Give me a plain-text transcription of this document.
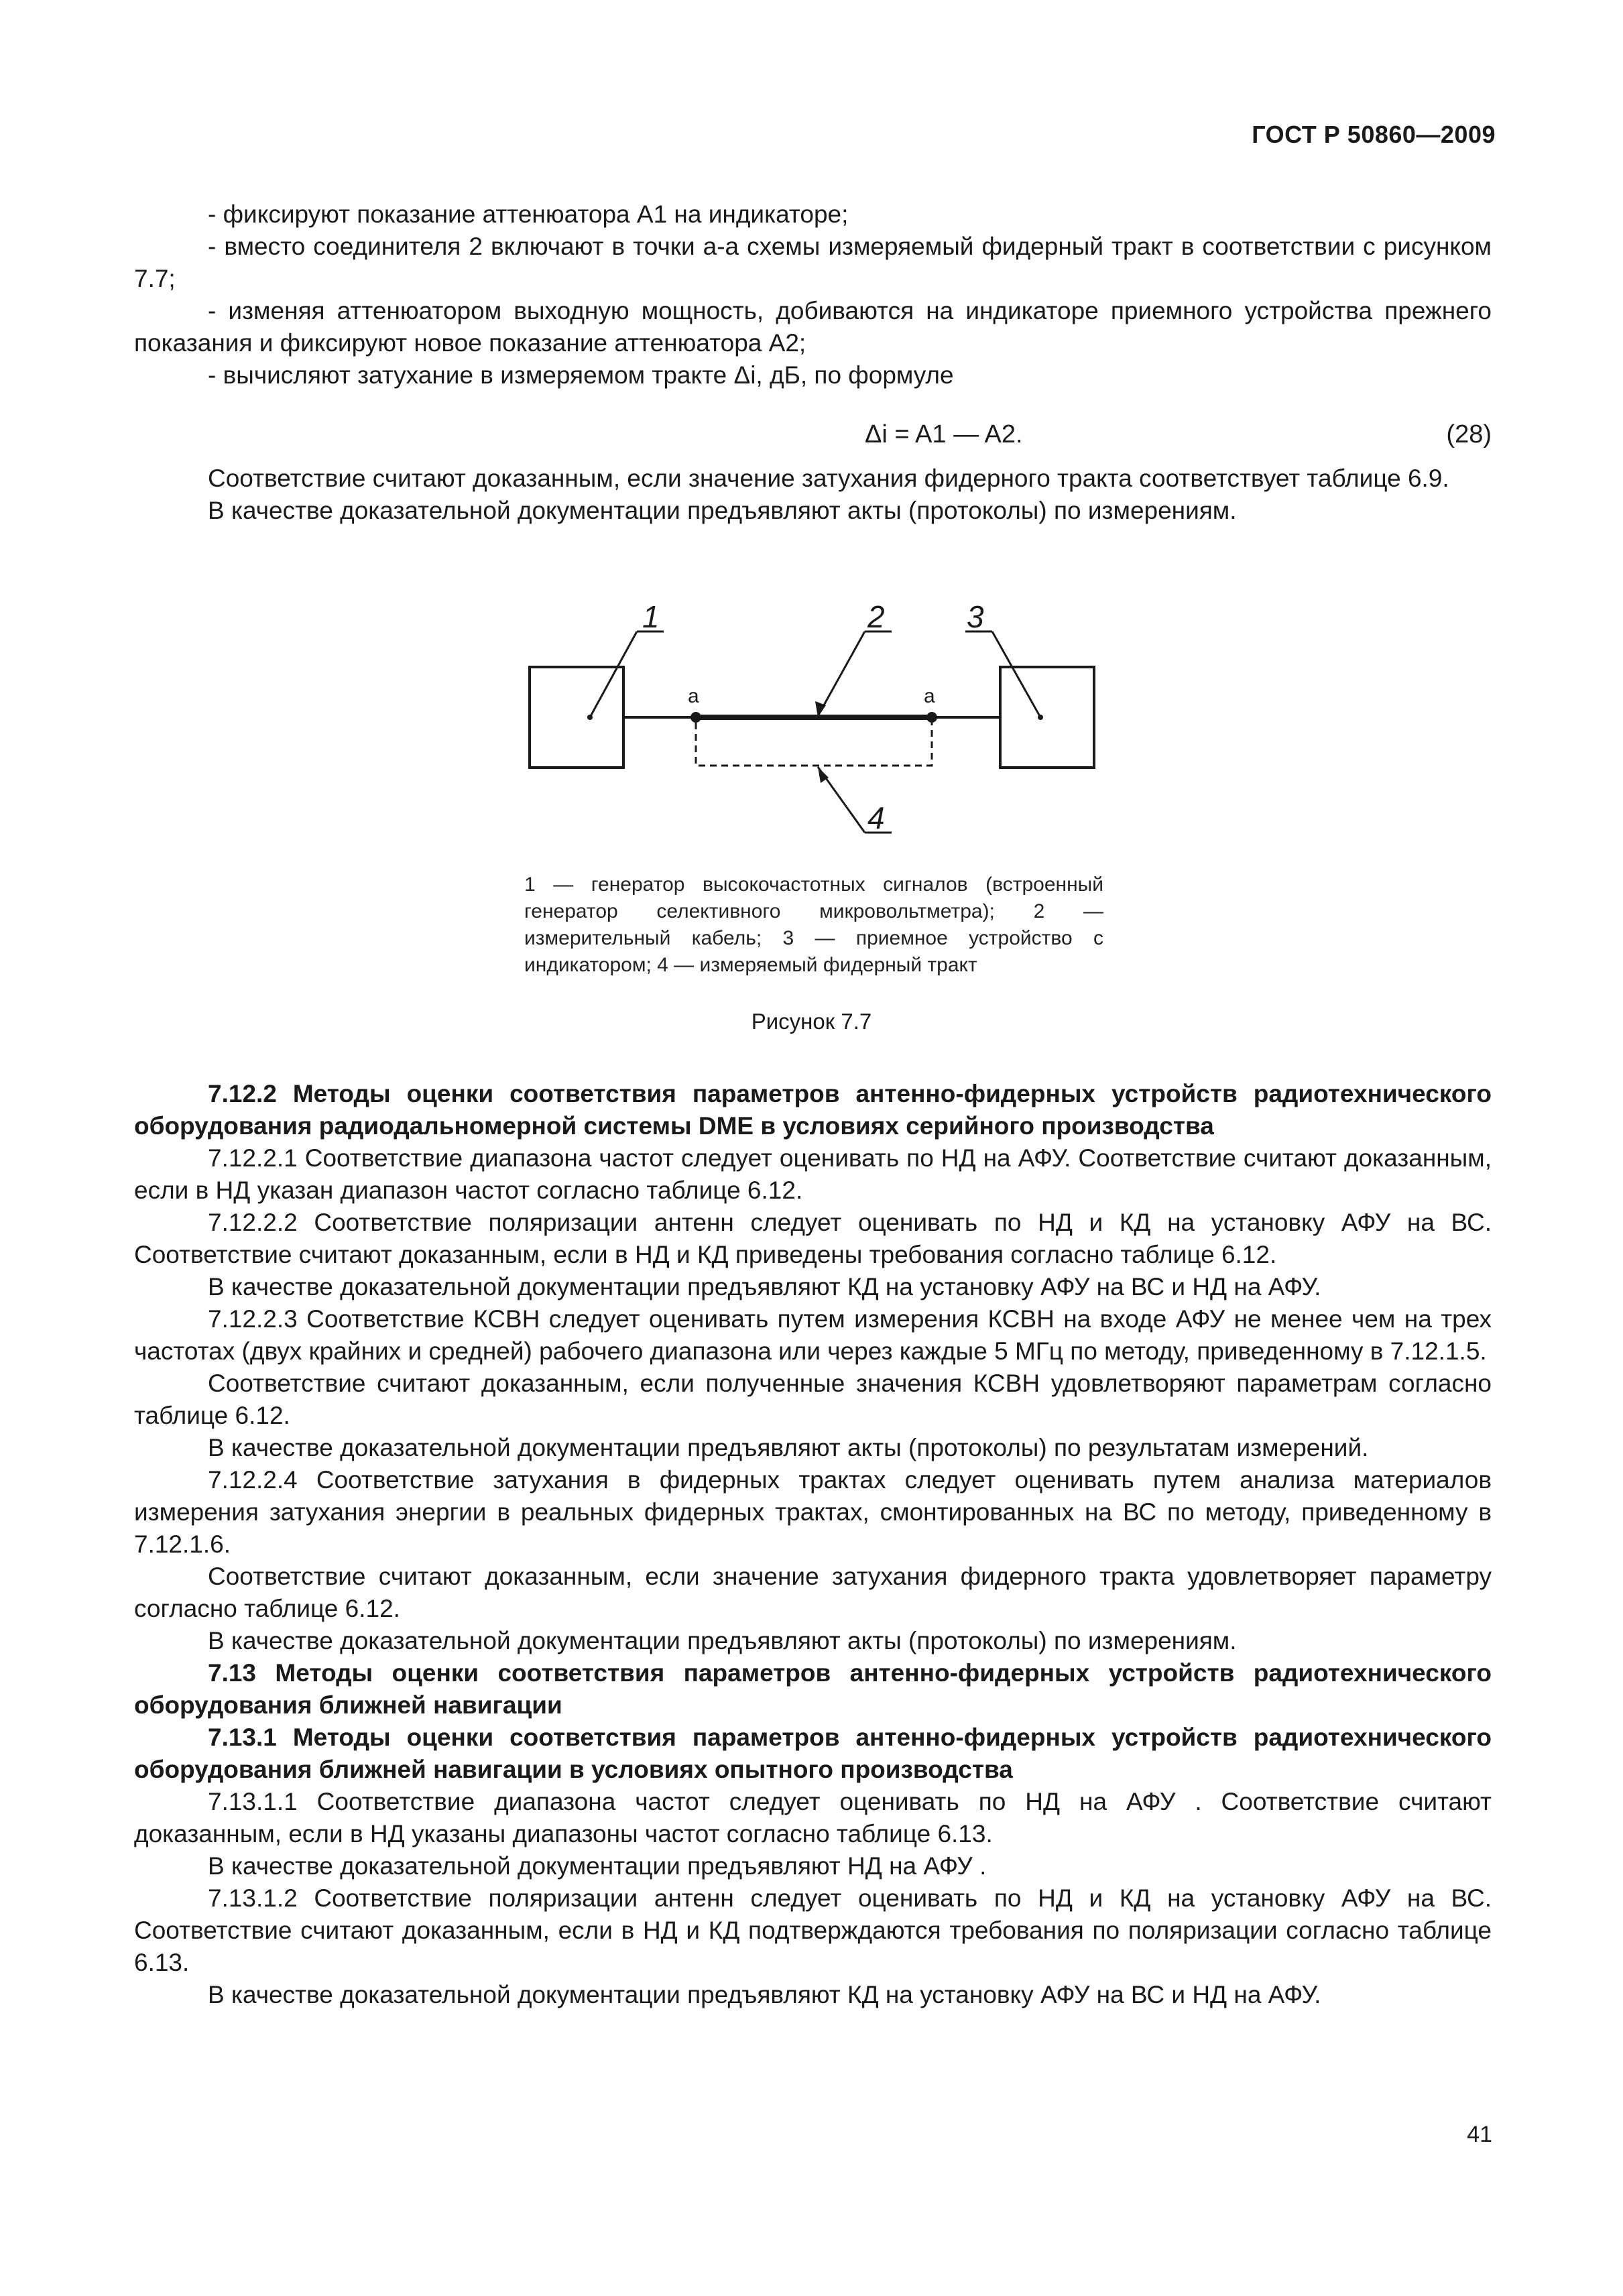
ГОСТ Р 50860—2009

- фиксируют показание аттенюатора A1 на индикаторе;

- вместо соединителя 2 включают в точки а-а схемы измеряемый фидерный тракт в соответствии с рисунком 7.7;

- изменяя аттенюатором выходную мощность, добиваются на индикаторе приемного устройства прежнего показания и фиксируют новое показание аттенюатора A2;

- вычисляют затухание в измеряемом тракте Δi, дБ, по формуле

Δi = A1 — A2.	(28)

Соответствие считают доказанным, если значение затухания фидерного тракта соответствует таблице 6.9.

В качестве доказательной документации предъявляют акты (протоколы) по измерениям.

а	а
1	2	3
4

1 — генератор высокочастотных сигналов (встроенный генератор селективного микровольтметра); 2 — измерительный кабель; 3 — приемное устройство с индикатором; 4 — измеряемый фидерный тракт

Рисунок 7.7

7.12.2 Методы оценки соответствия параметров антенно-фидерных устройств радиотехнического оборудования радиодальномерной системы DME в условиях серийного производства

7.12.2.1 Соответствие диапазона частот следует оценивать по НД на АФУ. Соответствие считают доказанным, если в НД указан диапазон частот согласно таблице 6.12.

7.12.2.2 Соответствие поляризации антенн следует оценивать по НД и КД на установку АФУ на ВС. Соответствие считают доказанным, если в НД и КД приведены требования согласно таблице 6.12.

В качестве доказательной документации предъявляют КД на установку АФУ на ВС и НД на АФУ.

7.12.2.3 Соответствие КСВН следует оценивать путем измерения КСВН на входе АФУ не менее чем на трех частотах (двух крайних и средней) рабочего диапазона или через каждые 5 МГц по методу, приведенному в 7.12.1.5.

Соответствие считают доказанным, если полученные значения КСВН удовлетворяют параметрам согласно таблице 6.12.

В качестве доказательной документации предъявляют акты (протоколы) по результатам измерений.

7.12.2.4 Соответствие затухания в фидерных трактах следует оценивать путем анализа материалов измерения затухания энергии в реальных фидерных трактах, смонтированных на ВС по методу, приведенному в 7.12.1.6.

Соответствие считают доказанным, если значение затухания фидерного тракта удовлетворяет параметру согласно таблице 6.12.

В качестве доказательной документации предъявляют акты (протоколы) по измерениям.

7.13 Методы оценки соответствия параметров антенно-фидерных устройств радиотехнического оборудования ближней навигации

7.13.1 Методы оценки соответствия параметров антенно-фидерных устройств радиотехнического оборудования ближней навигации в условиях опытного производства

7.13.1.1 Соответствие диапазона частот следует оценивать по НД на АФУ . Соответствие считают доказанным, если в НД указаны диапазоны частот согласно таблице 6.13.

В качестве доказательной документации предъявляют НД на АФУ .

7.13.1.2 Соответствие поляризации антенн следует оценивать по НД и КД на установку АФУ на ВС. Соответствие считают доказанным, если в НД и КД подтверждаются требования по поляризации согласно таблице 6.13.

В качестве доказательной документации предъявляют КД на установку АФУ на ВС и НД на АФУ.

41
